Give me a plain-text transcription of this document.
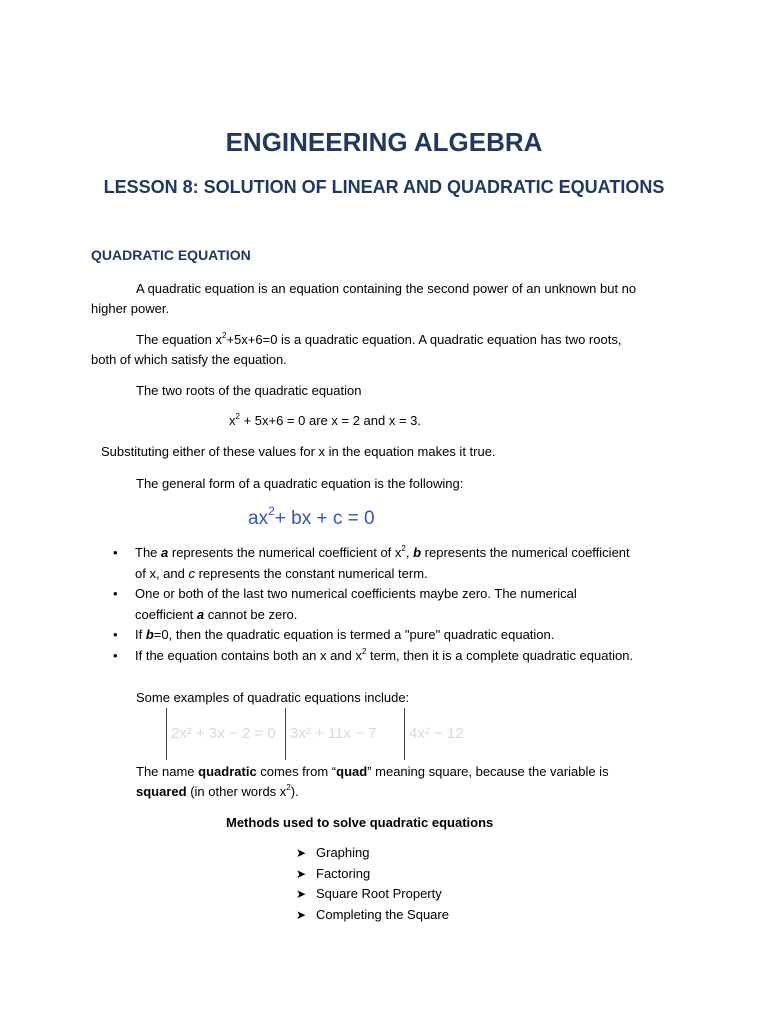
ENGINEERING ALGEBRA
LESSON 8: SOLUTION OF LINEAR AND QUADRATIC EQUATIONS
QUADRATIC EQUATION
A quadratic equation is an equation containing the second power of an unknown but no
higher power.
The equation $x^2+5x+6=0$ is a quadratic equation. A quadratic equation has two roots,
both of which satisfy the equation.
The two roots of the quadratic equation
$x^2 + 5x+6 = 0$ are x = 2 and x = 3.
Substituting either of these values for x in the equation makes it true.
The general form of a quadratic equation is the following:
$ax^2+$ bx + c = 0
• The a represents the numerical coefficient of $x^2$, b represents the numerical coefficient
of x, and c represents the constant numerical term.
• One or both of the last two numerical coefficients maybe zero. The numerical
coefficient a cannot be zero.
• If b=0, then the quadratic equation is termed a "pure" quadratic equation.
• If the equation contains both an x and $x^2$ term, then it is a complete quadratic equation.
Some examples of quadratic equations include:
2x² + 3x − 2 = 0 3x² + 11x − 7	4x² − 12
The name quadratic comes from “quad” meaning square, because the variable is
squared (in other words $x^2$).
Methods used to solve quadratic equations
➤ Graphing
➤ Factoring
➤ Square Root Property
➤ Completing the Square
